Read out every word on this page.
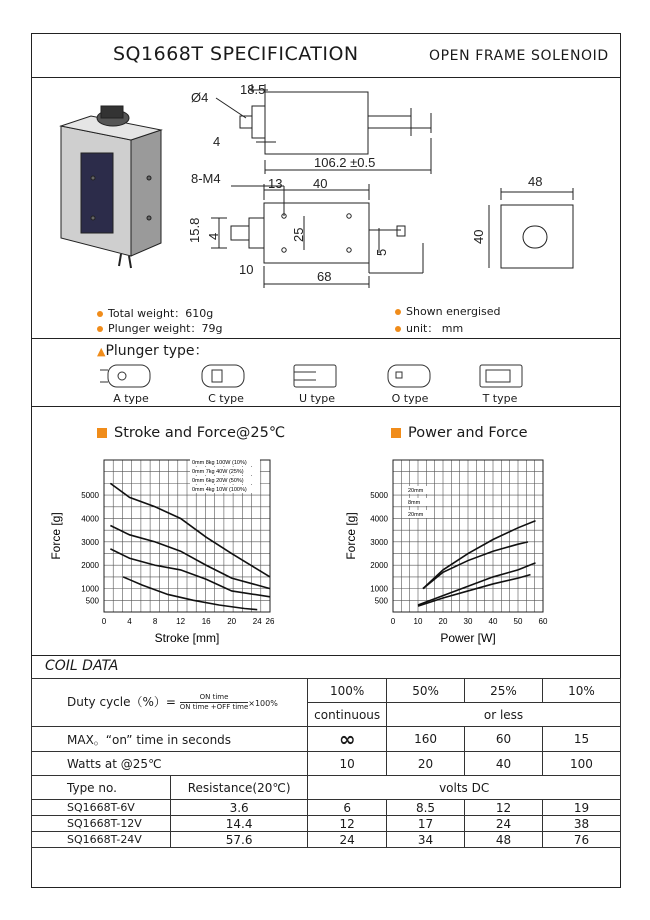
SQ1668T SPECIFICATION	OPEN FRAME SOLENOID
Ø4
18.5
4
106.2 ±0.5
8-M4	13 40
15.8 4	25
5
10	68
48
40
Total weight：610g
Plunger weight：79g
Shown energised
unit： mm
▲Plunger type：
A type	C type	U type	O type	T type
Stroke and Force@25℃	Power and Force
0	4	8 12 16 20 24 26
500
1000
2000
3000
4000
5000
Stroke [mm]
Force [g]
0mm 8kg 100W (10%)
0mm 7kg 40W (25%)
0mm 6kg 20W (50%)
0mm 4kg 10W (100%)
0 10 20 30 40 50 60
500
1000
2000
3000
4000
5000
Power [W]
Force [g]
20mm
8mm
20mm
COIL DATA
Duty cycle（%）= ON time
ON time +OFF time ×100%		100%	50%	25%	10%
		continuous	or less		
MAX。“on” time in seconds		∞	160	60	15
Watts at @25℃		10	20	40	100
Type no.	Resistance(20℃)	volts DC			
SQ1668T-6V	3.6	6	8.5	12	19
SQ1668T-12V	14.4	12	17	24	38
SQ1668T-24V	57.6	24	34	48	76
